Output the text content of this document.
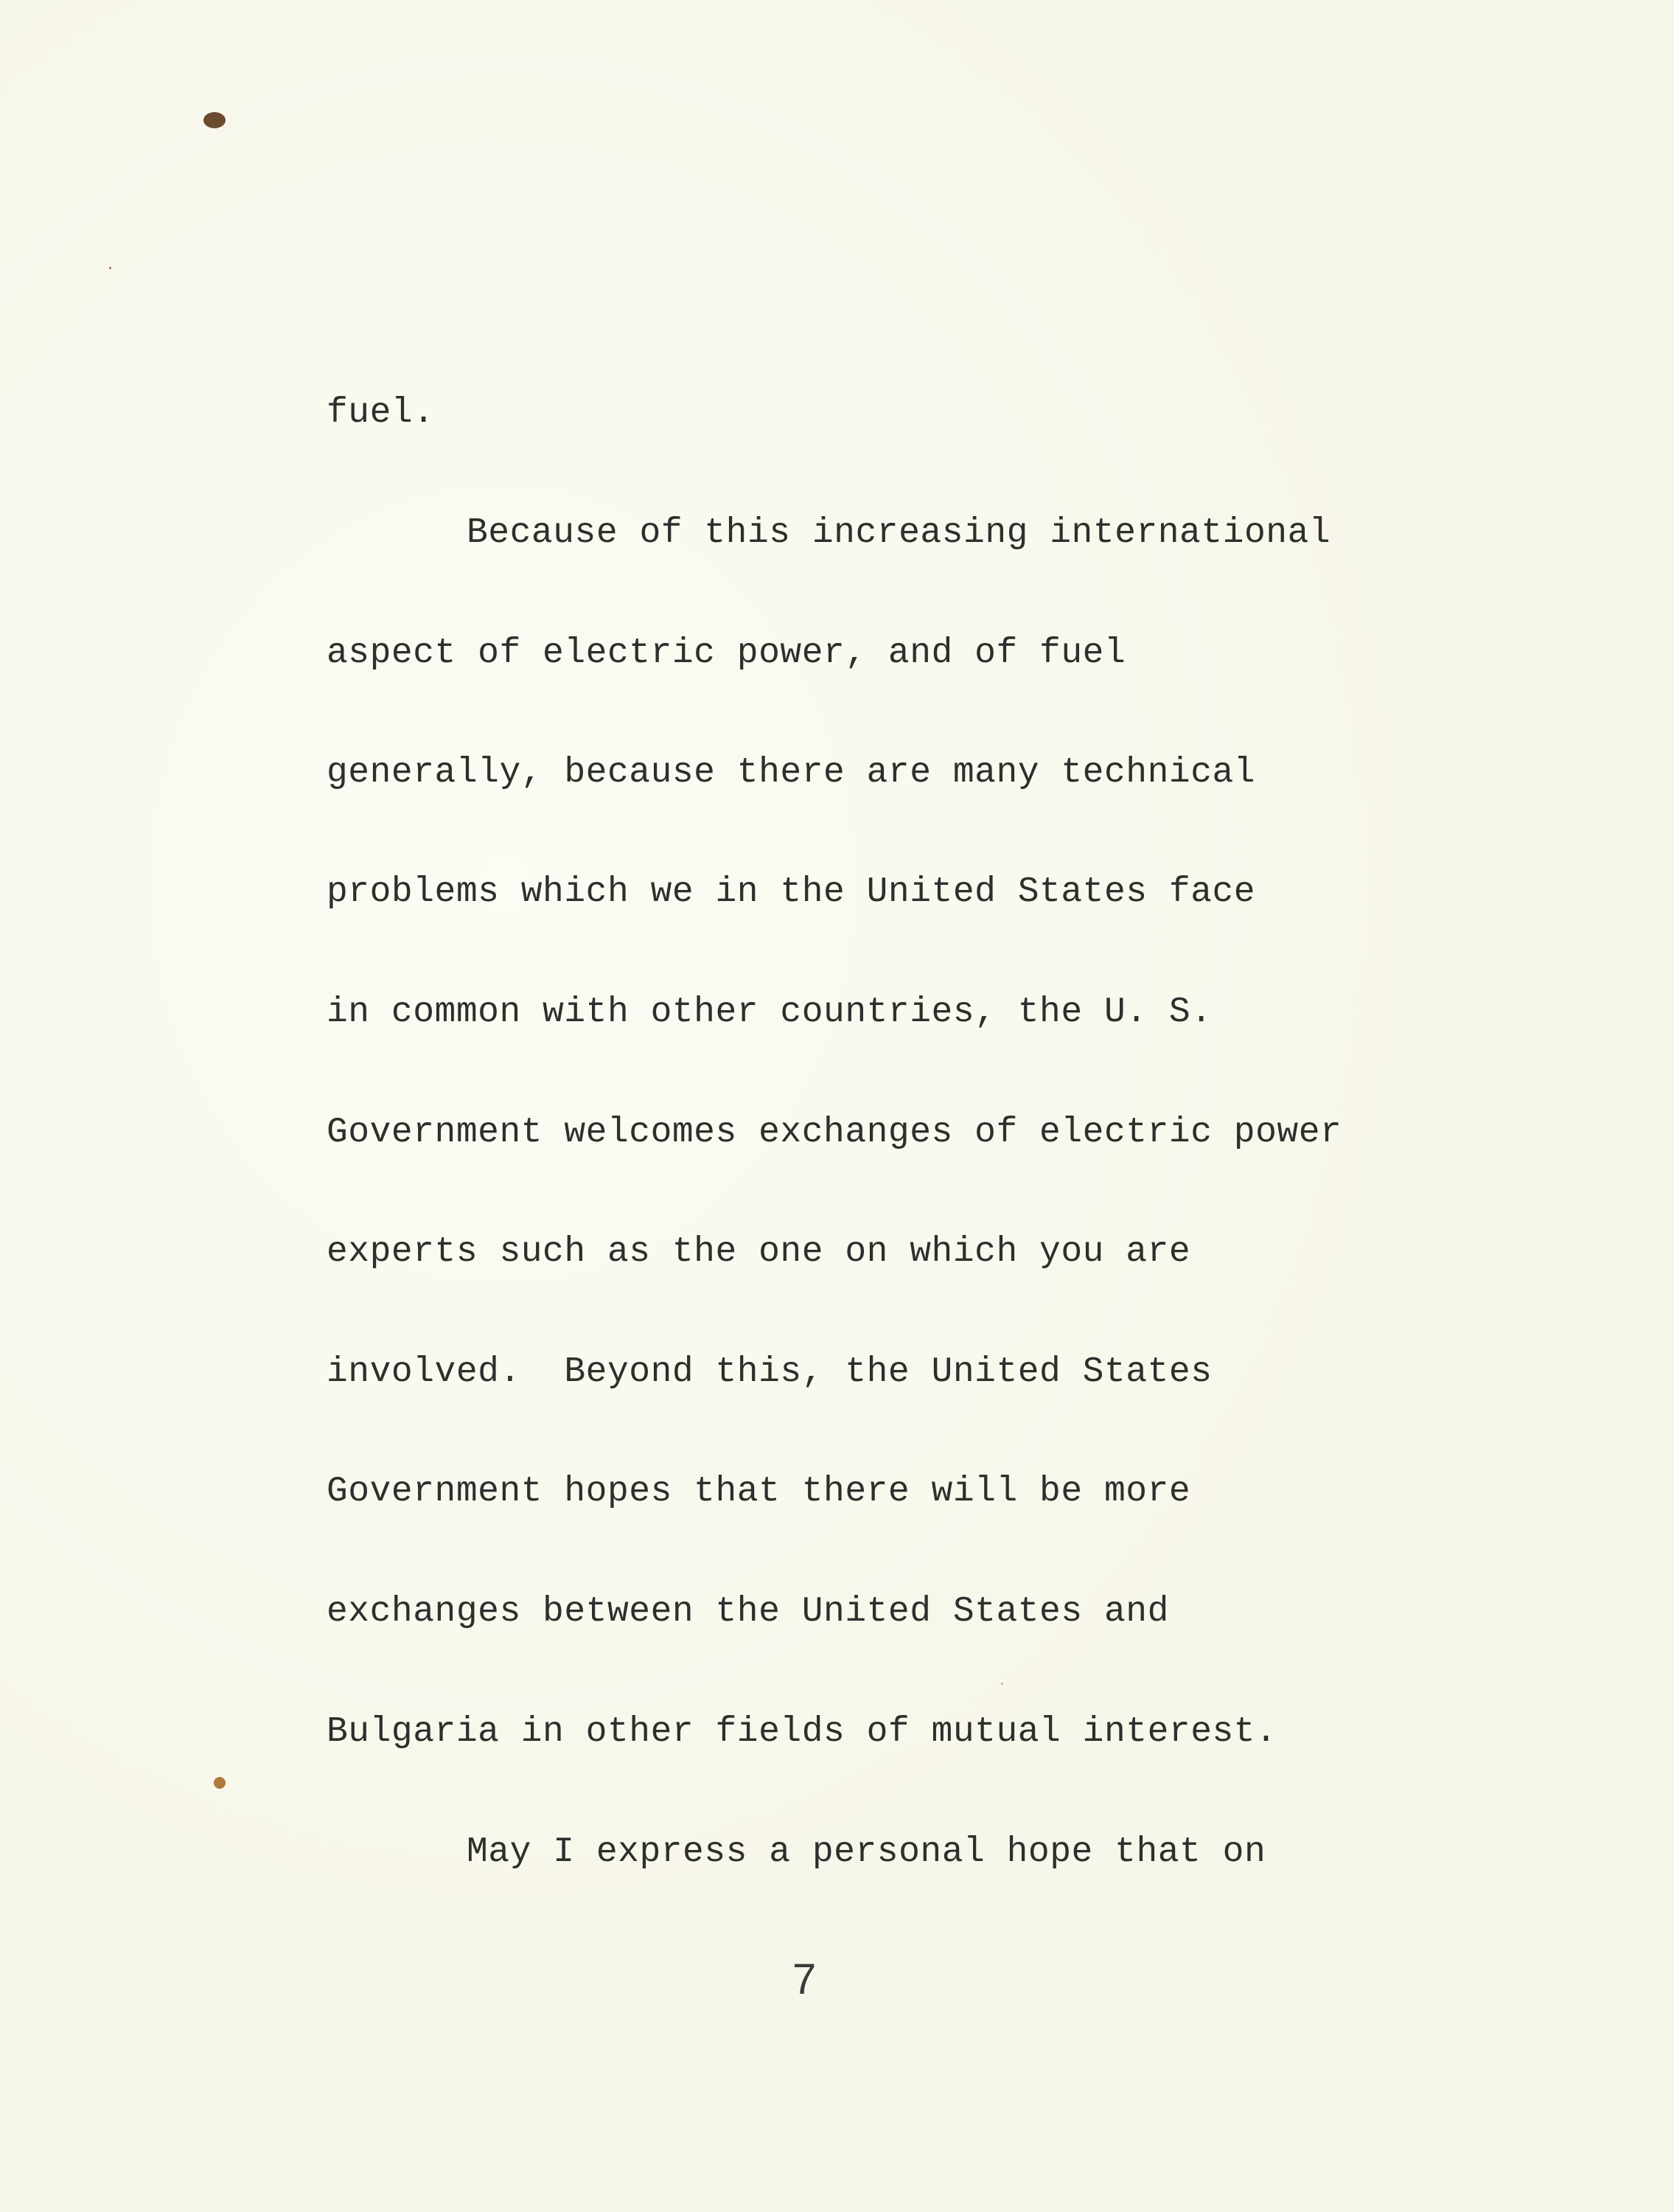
fuel.
Because of this increasing international
aspect of electric power, and of fuel
generally, because there are many technical
problems which we in the United States face
in common with other countries, the U. S.
Government welcomes exchanges of electric power
experts such as the one on which you are
involved.  Beyond this, the United States
Government hopes that there will be more
exchanges between the United States and
Bulgaria in other fields of mutual interest.
May I express a personal hope that on
7
